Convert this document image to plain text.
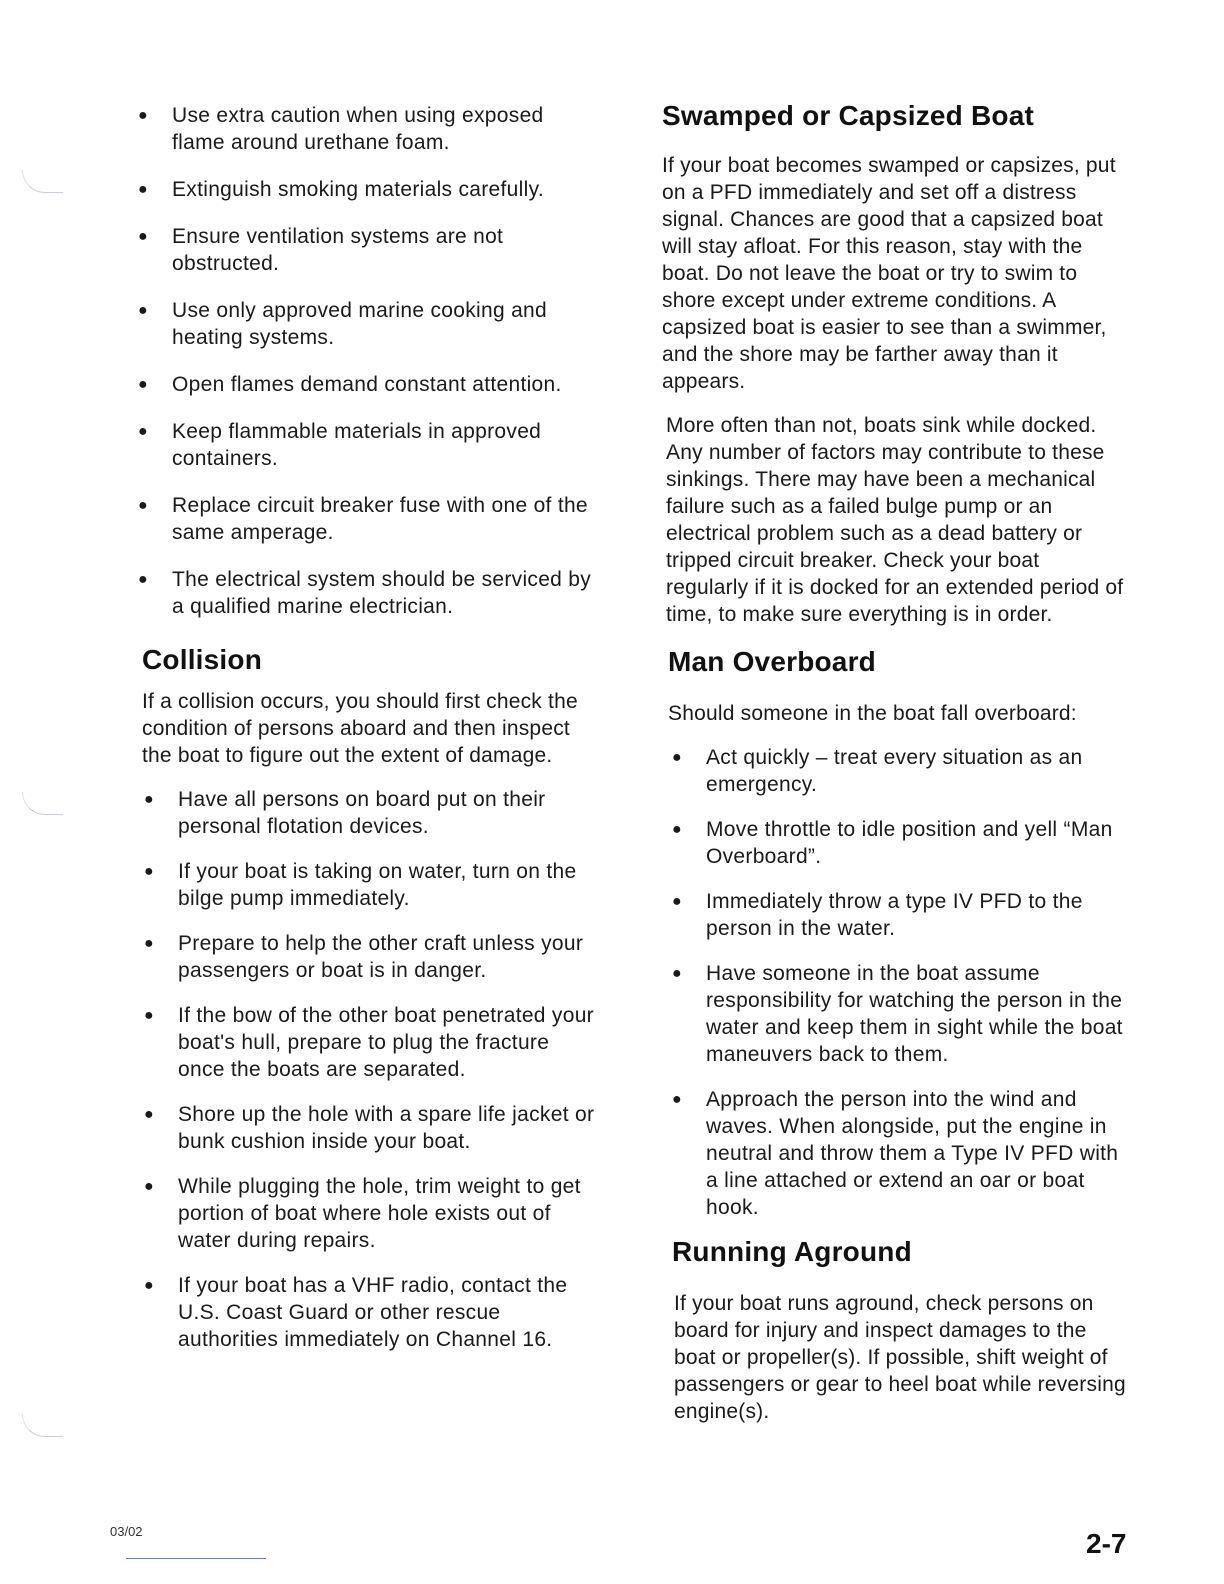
● Use extra caution when using exposed flame around urethane foam.
● Extinguish smoking materials carefully.
● Ensure ventilation systems are not obstructed.
● Use only approved marine cooking and heating systems.
● Open flames demand constant attention.
● Keep flammable materials in approved containers.
● Replace circuit breaker fuse with one of the same amperage.
● The electrical system should be serviced by a qualified marine electrician.
Collision

If a collision occurs, you should first check the condition of persons aboard and then inspect the boat to figure out the extent of damage.

● Have all persons on board put on their personal flotation devices.
● If your boat is taking on water, turn on the bilge pump immediately.
● Prepare to help the other craft unless your passengers or boat is in danger.
● If the bow of the other boat penetrated your boat's hull, prepare to plug the fracture once the boats are separated.
● Shore up the hole with a spare life jacket or bunk cushion inside your boat.
● While plugging the hole, trim weight to get portion of boat where hole exists out of water during repairs.
● If your boat has a VHF radio, contact the U.S. Coast Guard or other rescue authorities immediately on Channel 16.
Swamped or Capsized Boat

If your boat becomes swamped or capsizes, put on a PFD immediately and set off a distress signal. Chances are good that a capsized boat will stay afloat. For this reason, stay with the boat. Do not leave the boat or try to swim to shore except under extreme conditions. A capsized boat is easier to see than a swimmer, and the shore may be farther away than it appears.

More often than not, boats sink while docked. Any number of factors may contribute to these sinkings. There may have been a mechanical failure such as a failed bulge pump or an electrical problem such as a dead battery or tripped circuit breaker. Check your boat regularly if it is docked for an extended period of time, to make sure everything is in order.

Man Overboard

Should someone in the boat fall overboard:

● Act quickly – treat every situation as an emergency.
● Move throttle to idle position and yell “Man Overboard”.
● Immediately throw a type IV PFD to the person in the water.
● Have someone in the boat assume responsibility for watching the person in the water and keep them in sight while the boat maneuvers back to them.
● Approach the person into the wind and waves. When alongside, put the engine in neutral and throw them a Type IV PFD with a line attached or extend an oar or boat hook.
Running Aground

If your boat runs aground, check persons on board for injury and inspect damages to the boat or propeller(s). If possible, shift weight of passengers or gear to heel boat while reversing engine(s).

03/02	2-7
